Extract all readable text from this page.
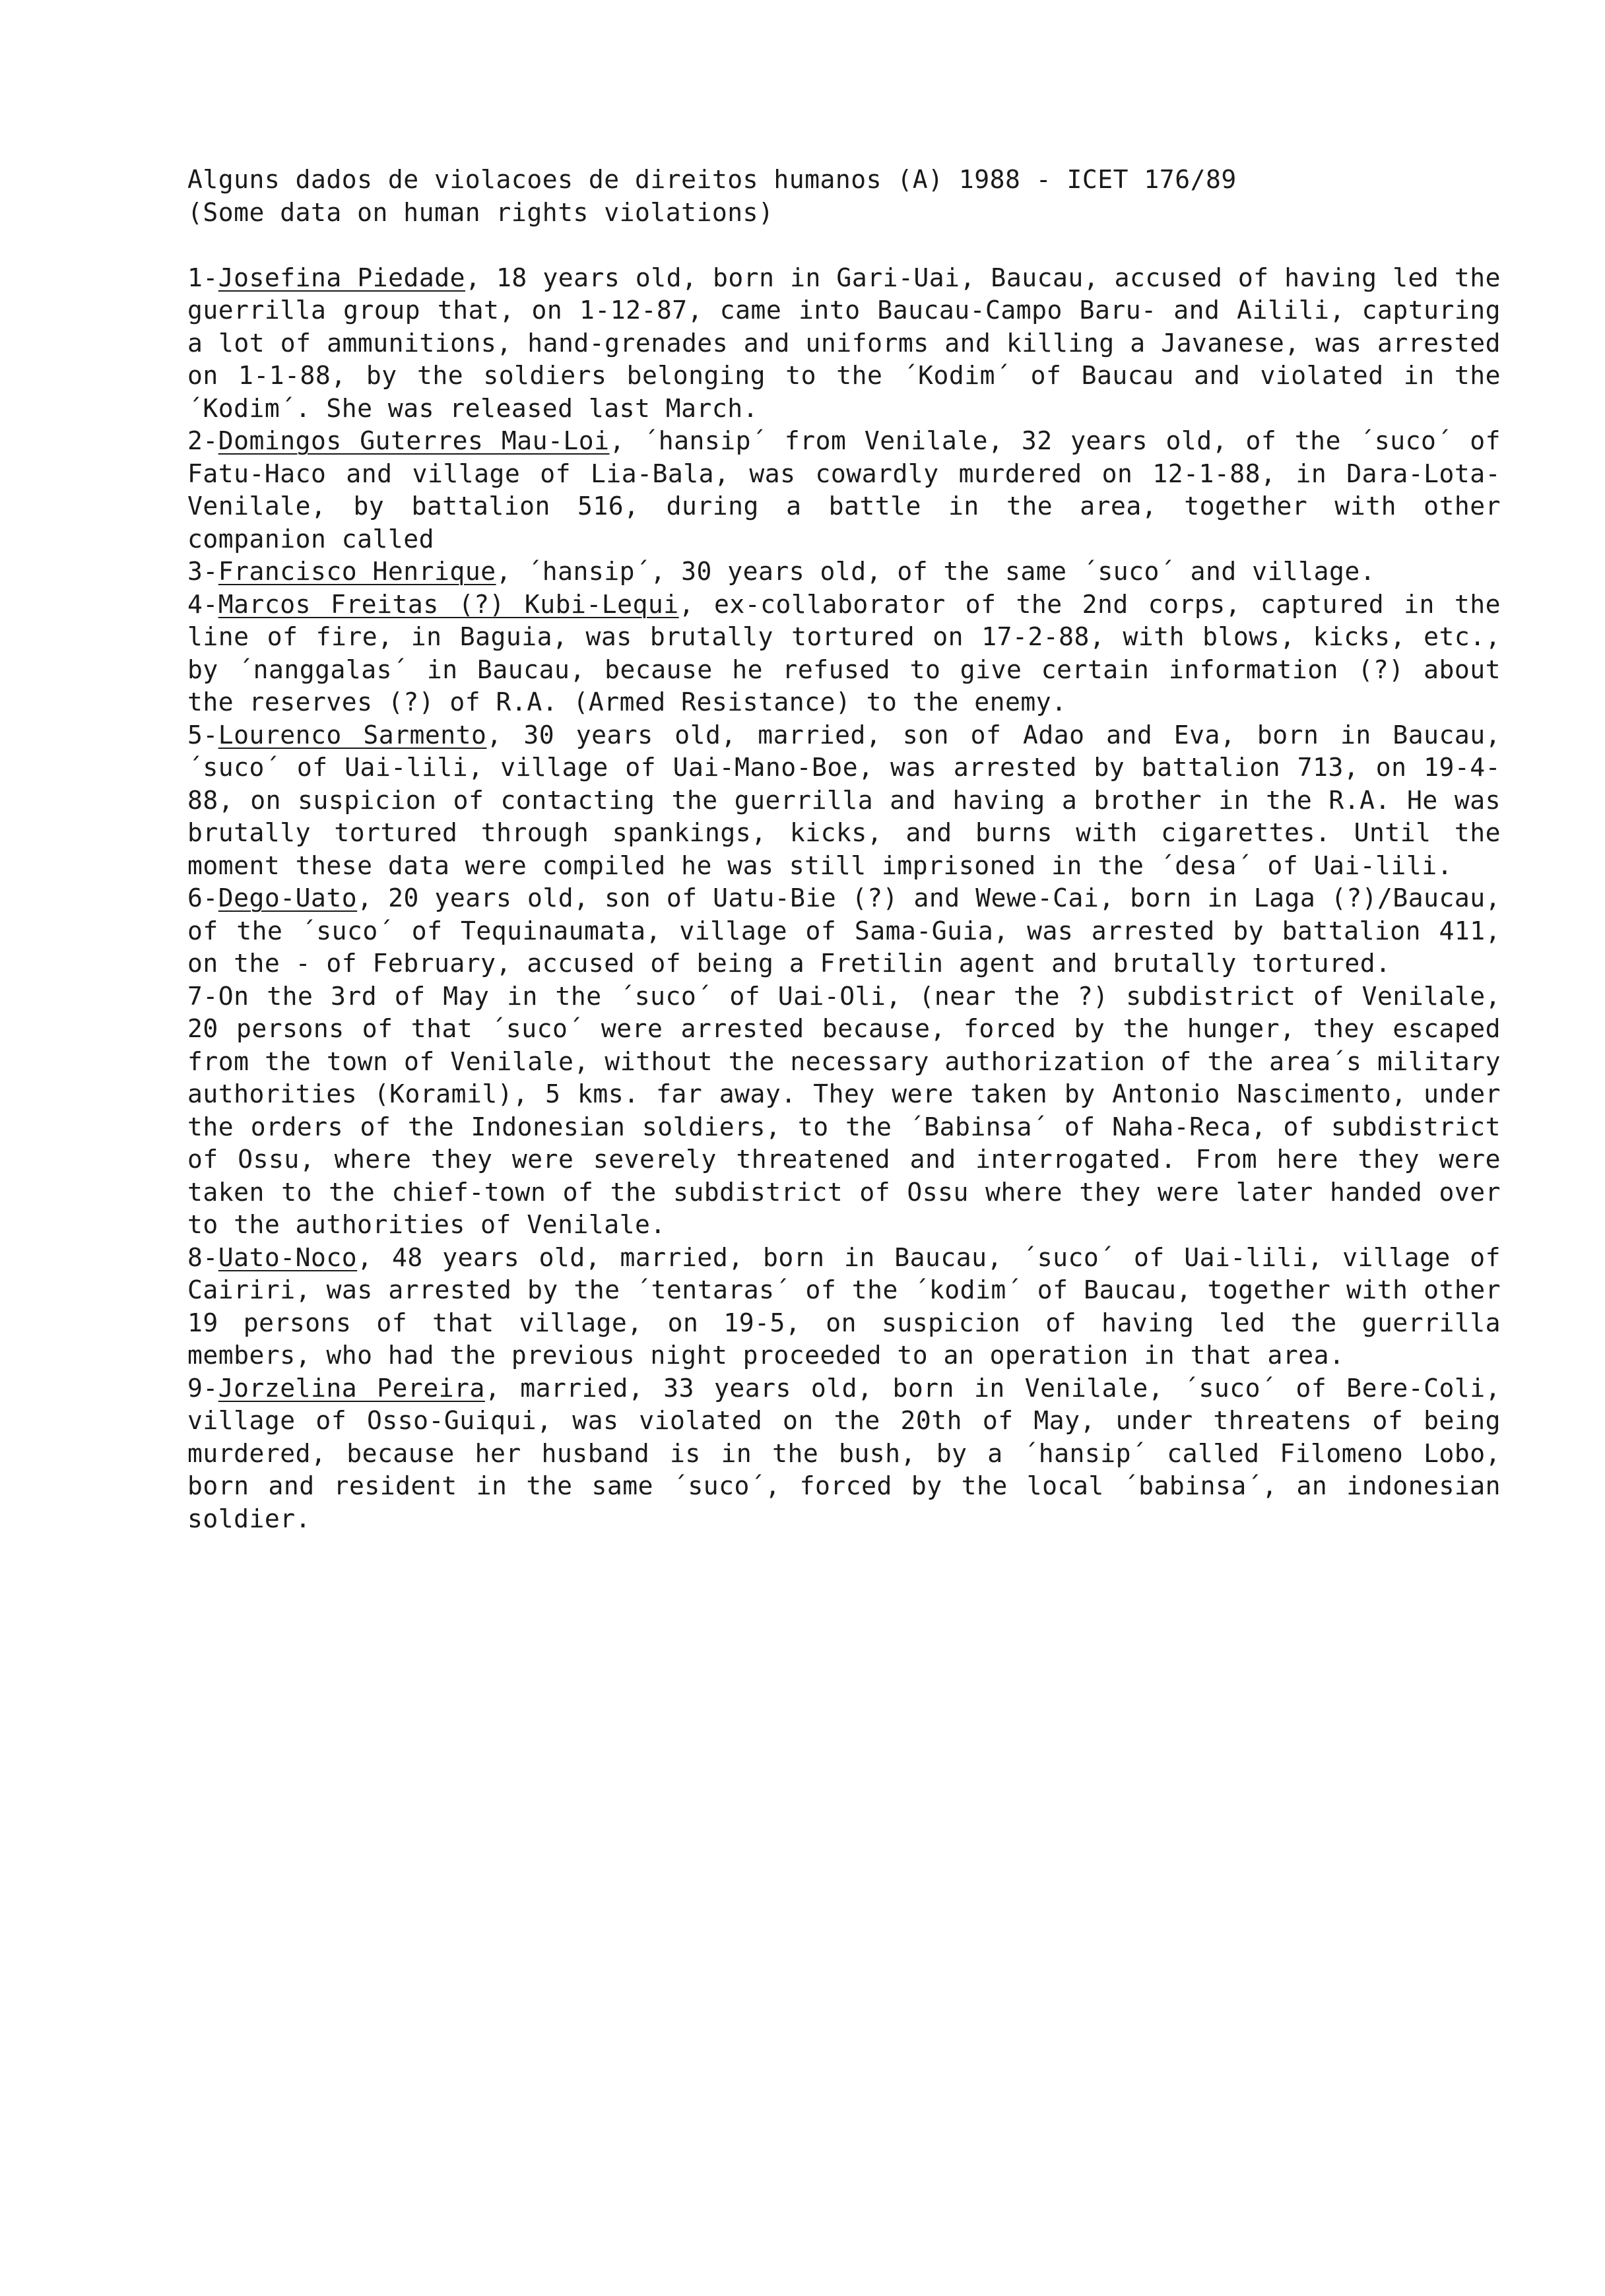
Alguns dados de violacoes de direitos humanos (A) 1988 - ICET 176/89
(Some data on human rights violations)

1-Josefina Piedade, 18 years old, born in Gari-Uai, Baucau, accused of having led the guerrilla group that, on 1-12-87, came into Baucau-Campo Baru- and Ailili, capturing a lot of ammunitions, hand-grenades and uniforms and killing a Javanese, was arrested on 1-1-88, by the soldiers belonging to the ´Kodim´ of Baucau and violated in the ´Kodim´. She was released last March.

2-Domingos Guterres Mau-Loi, ´hansip´ from Venilale, 32 years old, of the ´suco´ of Fatu-Haco and village of Lia-Bala, was cowardly murdered on 12-1-88, in Dara-Lota-Venilale, by battalion 516, during a battle in the area, together with other companion called

3-Francisco Henrique, ´hansip´, 30 years old, of the same ´suco´ and village.

4-Marcos Freitas (?) Kubi-Lequi, ex-collaborator of the 2nd corps, captured in the line of fire, in Baguia, was brutally tortured on 17-2-88, with blows, kicks, etc., by ´nanggalas´ in Baucau, because he refused to give certain information (?) about the reserves (?) of R.A. (Armed Resistance) to the enemy.

5-Lourenco Sarmento, 30 years old, married, son of Adao and Eva, born in Baucau, ´suco´ of Uai-lili, village of Uai-Mano-Boe, was arrested by battalion 713, on 19-4-88, on suspicion of contacting the guerrilla and having a brother in the R.A. He was brutally tortured through spankings, kicks, and burns with cigarettes. Until the moment these data were compiled he was still imprisoned in the ´desa´ of Uai-lili.

6-Dego-Uato, 20 years old, son of Uatu-Bie (?) and Wewe-Cai, born in Laga (?)/Baucau, of the ´suco´ of Tequinaumata, village of Sama-Guia, was arrested by battalion 411, on the - of February, accused of being a Fretilin agent and brutally tortured.

7-On the 3rd of May in the ´suco´ of Uai-Oli, (near the ?) subdistrict of Venilale, 20 persons of that ´suco´ were arrested because, forced by the hunger, they escaped from the town of Venilale, without the necessary authorization of the area´s military authorities (Koramil), 5 kms. far away. They were taken by Antonio Nascimento, under the orders of the Indonesian soldiers, to the ´Babinsa´ of Naha-Reca, of subdistrict of Ossu, where they were severely threatened and interrogated. From here they were taken to the chief-town of the subdistrict of Ossu where they were later handed over to the authorities of Venilale.

8-Uato-Noco, 48 years old, married, born in Baucau, ´suco´ of Uai-lili, village of Cairiri, was arrested by the ´tentaras´ of the ´kodim´ of Baucau, together with other 19 persons of that village, on 19-5, on suspicion of having led the guerrilla members, who had the previous night proceeded to an operation in that area.

9-Jorzelina Pereira, married, 33 years old, born in Venilale, ´suco´ of Bere-Coli, village of Osso-Guiqui, was violated on the 20th of May, under threatens of being murdered, because her husband is in the bush, by a ´hansip´ called Filomeno Lobo, born and resident in the same ´suco´, forced by the local ´babinsa´, an indonesian soldier.
